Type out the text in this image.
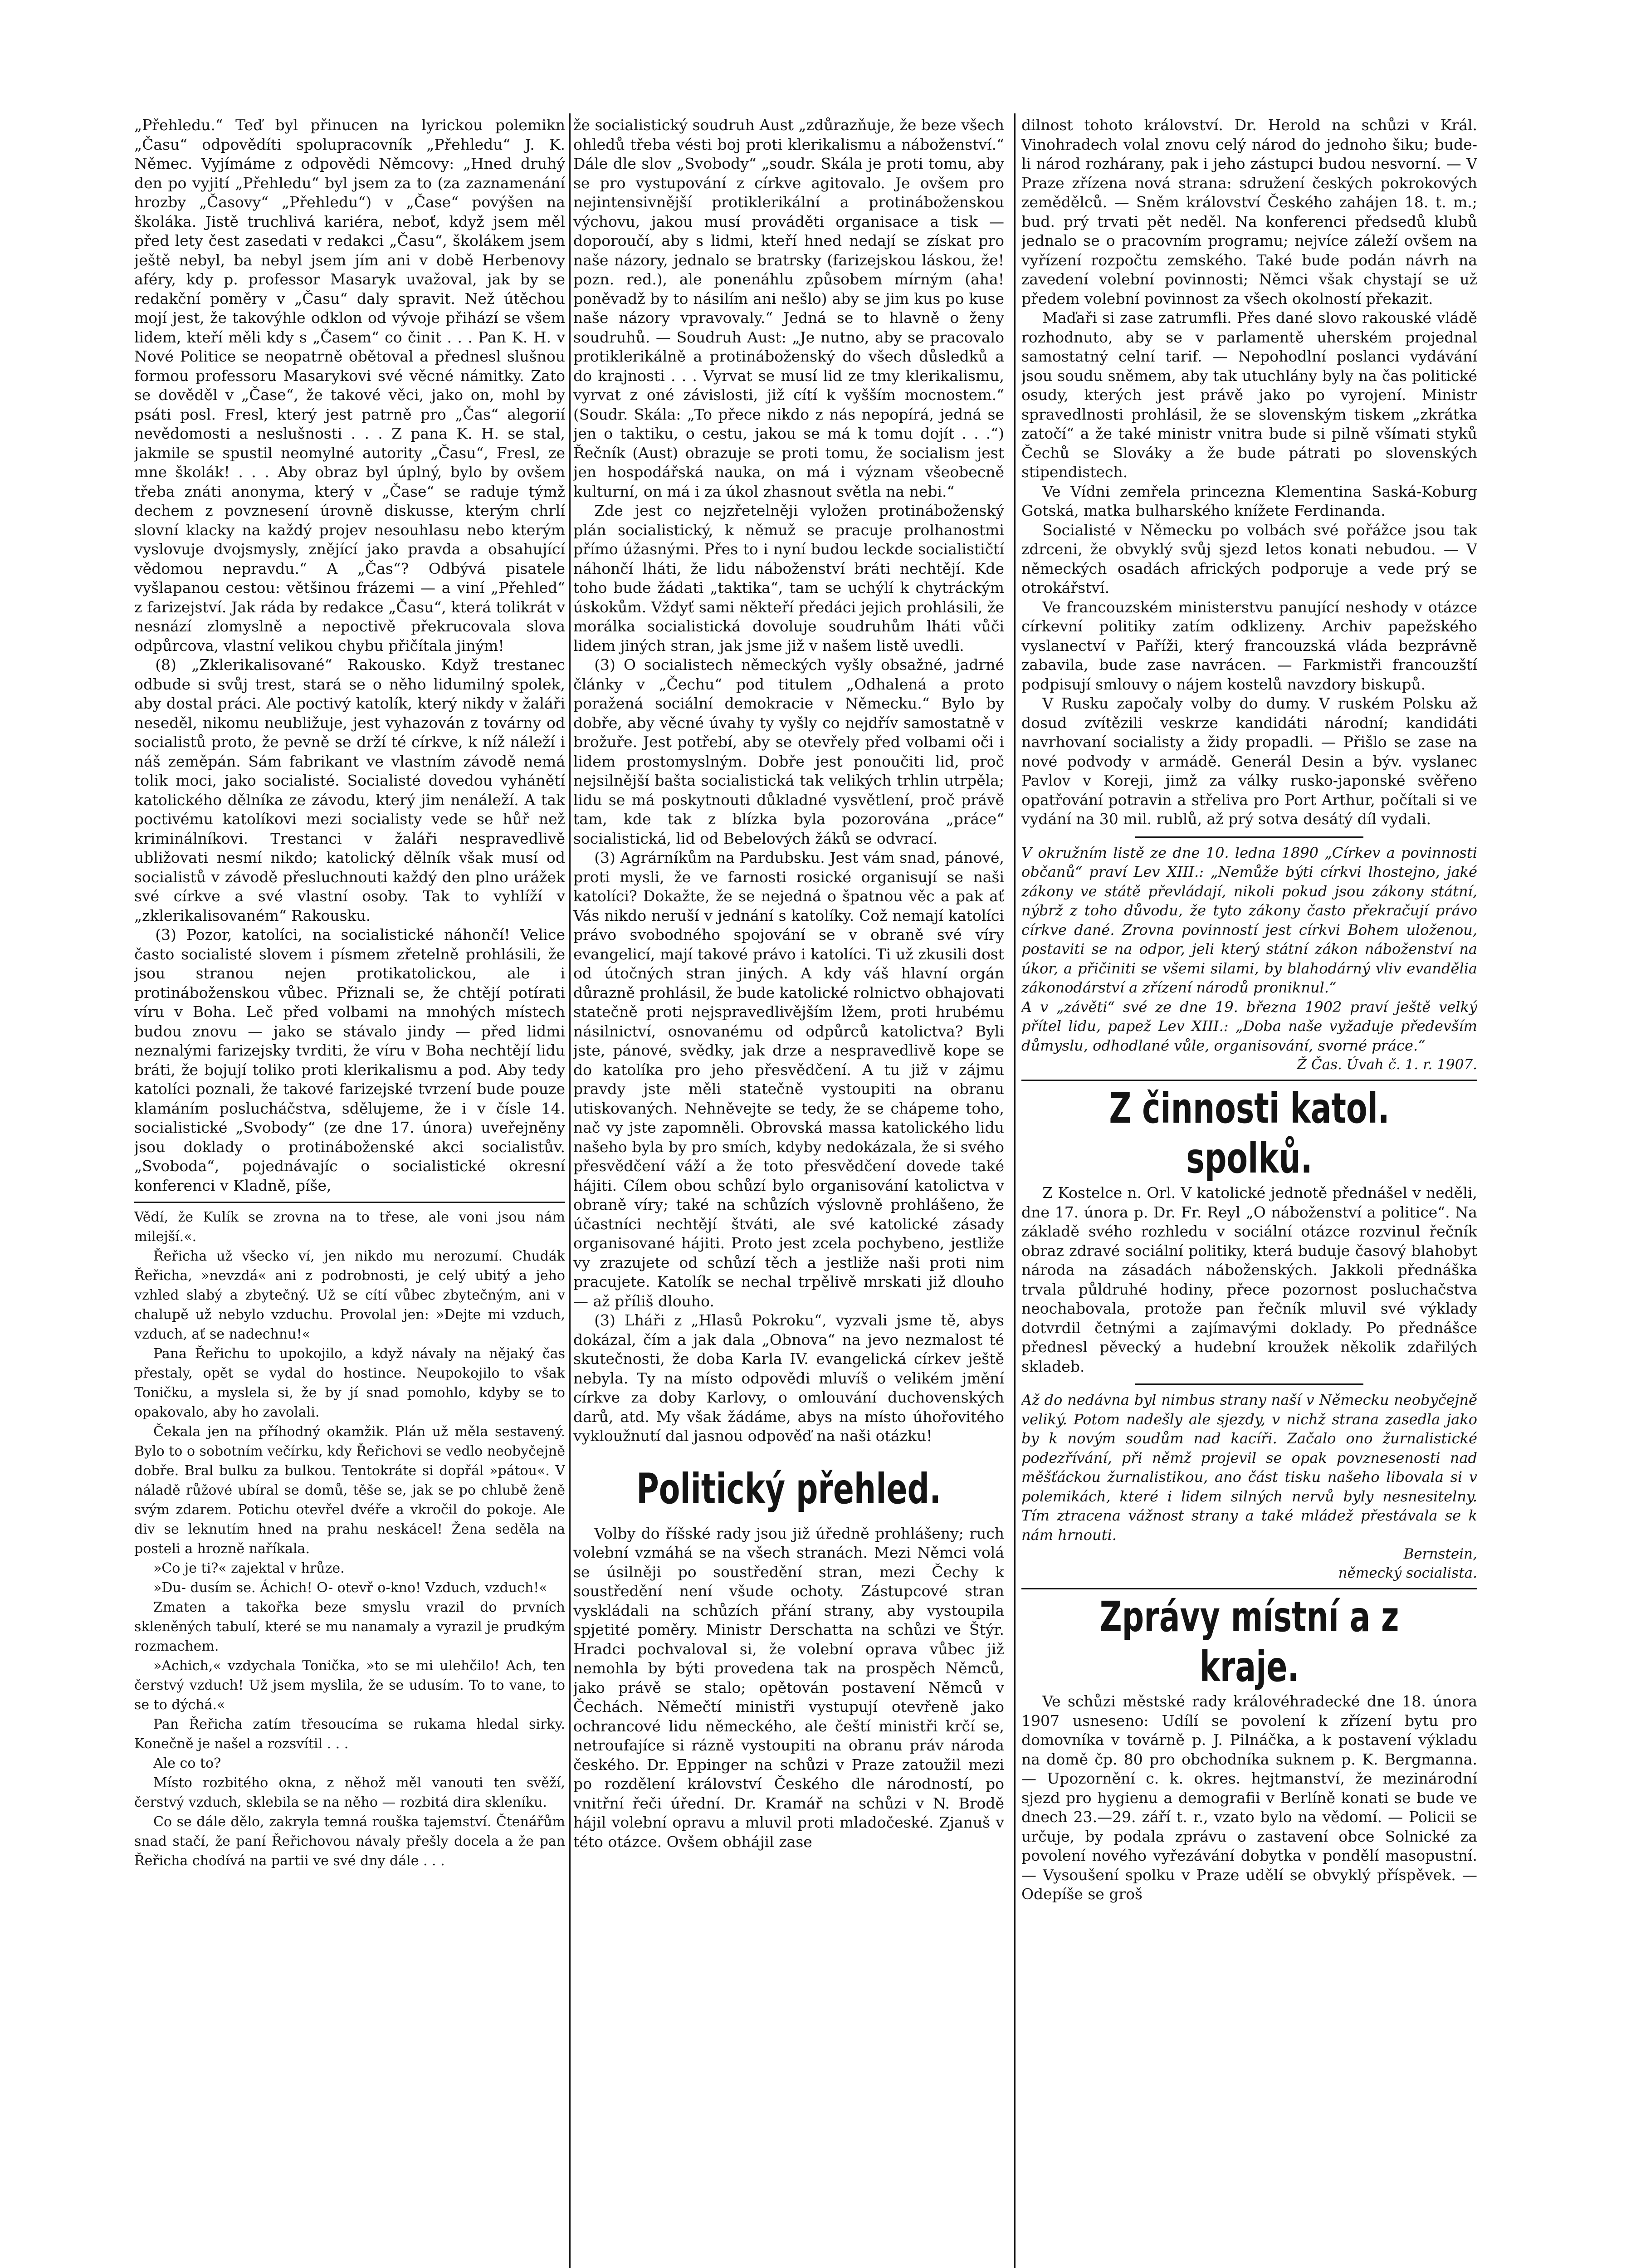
„Přehledu.“ Teď byl přinucen na lyrickou polemikn „Času“ odpovědíti spolupracovník „Přehledu“ J. K. Němec. Vyjímáme z odpovědi Němcovy: „Hned druhý den po vyjití „Přehledu“ byl jsem za to (za zaznamenání hrozby „Časovy“ „Přehledu“) v „Čase“ povýšen na školáka. Jistě truchlivá kariéra, neboť, když jsem měl před lety čest zasedati v redakci „Času“, školákem jsem ještě nebyl, ba nebyl jsem jím ani v době Herbenovy aféry, kdy p. professor Masaryk uvažoval, jak by se redakční poměry v „Času“ daly spravit. Než útěchou mojí jest, že takovýhle odklon od vývoje přihází se všem lidem, kteří měli kdy s „Časem“ co činit . . . Pan K. H. v Nové Politice se neopatrně obětoval a přednesl slušnou formou professoru Masarykovi své věcné námitky. Zato se dověděl v „Čase“, že takové věci, jako on, mohl by psáti posl. Fresl, který jest patrně pro „Čas“ alegorií nevědomosti a neslušnosti . . . Z pana K. H. se stal, jakmile se spustil neomylné autority „Času“, Fresl, ze mne školák! . . . Aby obraz byl úplný, bylo by ovšem třeba znáti anonyma, který v „Čase“ se raduje týmž dechem z povznesení úrovně diskusse, kterým chrlí slovní klacky na každý projev nesouhlasu nebo kterým vyslovuje dvojsmysly, znějící jako pravda a obsahující vědomou nepravdu.“ A „Čas“? Odbývá pisatele vyšlapanou cestou: většinou frázemi — a viní „Přehled“ z farizejství. Jak ráda by redakce „Času“, která tolikrát v nesnází zlomyslně a nepoctivě překrucovala slova odpůrcova, vlastní velikou chybu přičítala jiným!

(8) „Zklerikalisované“ Rakousko. Když trestanec odbude si svůj trest, stará se o něho lidumilný spolek, aby dostal práci. Ale poctivý katolík, který nikdy v žaláři neseděl, nikomu neubližuje, jest vyhazován z továrny od socialistů proto, že pevně se drží té církve, k níž náleží i náš zeměpán. Sám fabrikant ve vlastním závodě nemá tolik moci, jako socialisté. Socialisté dovedou vyhánětí katolického dělníka ze závodu, který jim nenáleží. A tak poctivému katolíkovi mezi socialisty vede se hůř než kriminálníkovi. Trestanci v žaláři nespravedlivě ubližovati nesmí nikdo; katolický dělník však musí od socialistů v závodě přesluchnouti každý den plno urážek své církve a své vlastní osoby. Tak to vyhlíží v „zklerikalisovaném“ Rakousku.

(3) Pozor, katolíci, na socialistické náhončí! Velice často socialisté slovem i písmem zřetelně prohlásili, že jsou stranou nejen protikatolickou, ale i protináboženskou vůbec. Přiznali se, že chtějí potírati víru v Boha. Leč před volbami na mnohých místech budou znovu — jako se stávalo jindy — před lidmi neznalými farizejsky tvrditi, že víru v Boha nechtějí lidu bráti, že bojují toliko proti klerikalismu a pod. Aby tedy katolíci poznali, že takové farizejské tvrzení bude pouze klamáním poslucháčstva, sdělujeme, že i v čísle 14. socialistické „Svobody“ (ze dne 17. února) uveřejněny jsou doklady o protináboženské akci socialistův. „Svoboda“, pojednávajíc o socialistické okresní konferenci v Kladně, píše,

Vědí, že Kulík se zrovna na to třese, ale voni jsou nám milejší.«.

Řeřicha už všecko ví, jen nikdo mu nerozumí. Chudák Řeřicha, »nevzdá« ani z podrobnosti, je celý ubitý a jeho vzhled slabý a zbytečný. Už se cítí vůbec zbytečným, ani v chalupě už nebylo vzduchu. Provolal jen: »Dejte mi vzduch, vzduch, ať se nadechnu!«

Pana Řeřichu to upokojilo, a když návaly na nějaký čas přestaly, opět se vydal do hostince. Neupokojilo to však Toničku, a myslela si, že by jí snad pomohlo, kdyby se to opakovalo, aby ho zavolali.

Čekala jen na příhodný okamžik. Plán už měla sestavený. Bylo to o sobotním večírku, kdy Řeřichovi se vedlo neobyčejně dobře. Bral bulku za bulkou. Tentokráte si dopřál »pátou«. V náladě růžové ubíral se domů, těše se, jak se po chlubě ženě svým zdarem. Potichu otevřel dvéře a vkročil do pokoje. Ale div se leknutím hned na prahu neskácel! Žena seděla na posteli a hrozně naříkala.

»Co je ti?« zajektal v hrůze.

»Du- dusím se. Áchich! O- otevř o-kno! Vzduch, vzduch!«

Zmaten a takořka beze smyslu vrazil do prvních skleněných tabulí, které se mu nanamaly a vyrazil je prudkým rozmachem.

»Achich,« vzdychala Tonička, »to se mi ulehčilo! Ach, ten čerstvý vzduch! Už jsem myslila, že se udusím. To to vane, to se to dýchá.«

Pan Řeřicha zatím třesoucíma se rukama hledal sirky. Konečně je našel a rozsvítil . . .

Ale co to?

Místo rozbitého okna, z něhož měl vanouti ten svěží, čerstvý vzduch, sklebila se na něho — rozbitá dira skleníku.

Co se dále dělo, zakryla temná rouška tajemství. Čtenářům snad stačí, že paní Řeřichovou návaly přešly docela a že pan Řeřicha chodívá na partii ve své dny dále . . .

že socialistický soudruh Aust „zdůrazňuje, že beze všech ohledů třeba vésti boj proti klerikalismu a náboženství.“ Dále dle slov „Svobody“ „soudr. Skála je proti tomu, aby se pro vystupování z církve agitovalo. Je ovšem pro nejintensivnější protiklerikální a protináboženskou výchovu, jakou musí prováděti organisace a tisk — doporoučí, aby s lidmi, kteří hned nedají se získat pro naše názory, jednalo se bratrsky (farizejskou láskou, že! pozn. red.), ale ponenáhlu způsobem mírným (aha! poněvadž by to násilím ani nešlo) aby se jim kus po kuse naše názory vpravovaly.“ Jedná se to hlavně o ženy soudruhů. — Soudruh Aust: „Je nutno, aby se pracovalo protiklerikálně a protináboženský do všech důsledků a do krajnosti . . . Vyrvat se musí lid ze tmy klerikalismu, vyrvat z oné závislosti, již cítí k vyšším mocnostem.“ (Soudr. Skála: „To přece nikdo z nás nepopírá, jedná se jen o taktiku, o cestu, jakou se má k tomu dojít . . .“) Řečník (Aust) obrazuje se proti tomu, že socialism jest jen hospodářská nauka, on má i význam všeobecně kulturní, on má i za úkol zhasnout světla na nebi.“

Zde jest co nejzřetelněji vyložen protináboženský plán socialistický, k němuž se pracuje prolhanostmi přímo úžasnými. Přes to i nyní budou leckde socialističtí náhončí lháti, že lidu náboženství bráti nechtějí. Kde toho bude žádati „taktika“, tam se uchýlí k chytráckým úskokům. Vždyť sami někteří předáci jejich prohlásili, že morálka socialistická dovoluje soudruhům lháti vůči lidem jiných stran, jak jsme již v našem listě uvedli.

(3) O socialistech německých vyšly obsažné, jadrné články v „Čechu“ pod titulem „Odhalená a proto poražená sociální demokracie v Německu.“ Bylo by dobře, aby věcné úvahy ty vyšly co nejdřív samostatně v brožuře. Jest potřebí, aby se otevřely před volbami oči i lidem prostomyslným. Dobře jest ponoučiti lid, proč nejsilnější bašta socialistická tak velikých trhlin utrpěla; lidu se má poskytnouti důkladné vysvětlení, proč právě tam, kde tak z blízka byla pozorována „práce“ socialistická, lid od Bebelových žáků se odvrací.

(3) Agrárníkům na Pardubsku. Jest vám snad, pánové, proti mysli, že ve farnosti rosické organisují se naši katolíci? Dokažte, že se nejedná o špatnou věc a pak ať Vás nikdo neruší v jednání s katolíky. Což nemají katolíci právo svobodného spojování se v obraně své víry evangelicí, mají takové právo i katolíci. Ti už zkusili dost od útočných stran jiných. A kdy váš hlavní orgán důrazně prohlásil, že bude katolické rolnictvo obhajovati statečně proti nejspravedlivějším lžem, proti hrubému násilnictví, osnovanému od odpůrců katolictva? Byli jste, pánové, svědky, jak drze a nespravedlivě kope se do katolíka pro jeho přesvědčení. A tu již v zájmu pravdy jste měli statečně vystoupiti na obranu utiskovaných. Nehněvejte se tedy, že se chápeme toho, nač vy jste zapomněli. Obrovská massa katolického lidu našeho byla by pro smích, kdyby nedokázala, že si svého přesvědčení váží a že toto přesvědčení dovede také hájiti. Cílem obou schůzí bylo organisování katolictva v obraně víry; také na schůzích výslovně prohlášeno, že účastníci nechtějí štváti, ale své katolické zásady organisované hájiti. Proto jest zcela pochybeno, jestliže vy zrazujete od schůzí těch a jestliže naši proti nim pracujete. Katolík se nechal trpělivě mrskati již dlouho — až příliš dlouho.

(3) Lháři z „Hlasů Pokroku“, vyzvali jsme tě, abys dokázal, čím a jak dala „Obnova“ na jevo nezmalost té skutečnosti, že doba Karla IV. evangelická církev ještě nebyla. Ty na místo odpovědi mluvíš o velikém jmění církve za doby Karlovy, o omlouvání duchovenských darů, atd. My však žádáme, abys na místo úhořovitého vykloužnutí dal jasnou odpověď na naši otázku!

Politický přehled.

Volby do říšské rady jsou již úředně prohlášeny; ruch volební vzmáhá se na všech stranách. Mezi Němci volá se úsilněji po soustředění stran, mezi Čechy k soustředění není všude ochoty. Zástupcové stran vyskládali na schůzích přání strany, aby vystoupila spjetité poměry. Ministr Derschatta na schůzi ve Štýr. Hradci pochvaloval si, že volební oprava vůbec již nemohla by býti provedena tak na prospěch Němců, jako právě se stalo; opětován postavení Němců v Čechách. Němečtí ministři vystupují otevřeně jako ochrancové lidu německého, ale čeští ministři krčí se, netroufajíce si rázně vystoupiti na obranu práv národa českého. Dr. Eppinger na schůzi v Praze zatoužil mezi po rozdělení království Českého dle národností, po vnitřní řeči úřední. Dr. Kramář na schůzi v N. Brodě hájil volební opravu a mluvil proti mladočeské. Zjanuš v této otázce. Ovšem obhájil zase

dilnost tohoto království. Dr. Herold na schůzi v Král. Vinohradech volal znovu celý národ do jednoho šiku; bude-li národ rozhárany, pak i jeho zástupci budou nesvorní. — V Praze zřízena nová strana: sdružení českých pokrokových zemědělců. — Sněm království Českého zahájen 18. t. m.; bud. prý trvati pět neděl. Na konferenci předsedů klubů jednalo se o pracovním programu; nejvíce záleží ovšem na vyřízení rozpočtu zemského. Také bude podán návrh na zavedení volební povinnosti; Němci však chystají se už předem volební povinnost za všech okolností překazit.

Maďaři si zase zatrumfli. Přes dané slovo rakouské vládě rozhodnuto, aby se v parlamentě uherském projednal samostatný celní tarif. — Nepohodlní poslanci vydávání jsou soudu sněmem, aby tak utuchlány byly na čas politické osudy, kterých jest právě jako po vyrojení. Ministr spravedlnosti prohlásil, že se slovenským tiskem „zkrátka zatočí“ a že také ministr vnitra bude si pilně všímati styků Čechů se Slováky a že bude pátrati po slovenských stipendistech.

Ve Vídni zemřela princezna Klementina Saská-Koburg Gotská, matka bulharského knížete Ferdinanda.

Socialisté v Německu po volbách své pořážce jsou tak zdrceni, že obvyklý svůj sjezd letos konati nebudou. — V německých osadách afrických podporuje a vede prý se otrokářství.

Ve francouzském ministerstvu panující neshody v otázce církevní politiky zatím odklizeny. Archiv papežského vyslanectví v Paříži, který francouzská vláda bezprávně zabavila, bude zase navrácen. — Farkmistři francouzští podpisují smlouvy o nájem kostelů navzdory biskupů.

V Rusku započaly volby do dumy. V ruském Polsku až dosud zvítězili veskrze kandidáti národní; kandidáti navrhovaní socialisty a židy propadli. — Přišlo se zase na nové podvody v armádě. Generál Desin a býv. vyslanec Pavlov v Koreji, jimž za války rusko-japonské svěřeno opatřování potravin a střeliva pro Port Arthur, počítali si ve vydání na 30 mil. rublů, až prý sotva desátý díl vydali.

V okružním listě ze dne 10. ledna 1890 „Církev a povinnosti občanů“ praví Lev XIII.: „Nemůže býti církvi lhostejno, jaké zákony ve státě převládají, nikoli pokud jsou zákony státní, nýbrž z toho důvodu, že tyto zákony často překračují právo církve dané. Zrovna povinností jest církvi Bohem uloženou, postaviti se na odpor, jeli který státní zákon náboženství na úkor, a přičiniti se všemi silami, by blahodárný vliv evandělia zákonodárství a zřízení národů proniknul.“

A v „závěti“ své ze dne 19. března 1902 praví ještě velký přítel lidu, papež Lev XIII.: „Doba naše vyžaduje především důmyslu, odhodlané vůle, organisování, svorné práce.“

Ž Čas. Úvah č. 1. r. 1907.

Z činnosti katol. spolků.

Z Kostelce n. Orl. V katolické jednotě přednášel v neděli, dne 17. února p. Dr. Fr. Reyl „O náboženství a politice“. Na základě svého rozhledu v sociální otázce rozvinul řečník obraz zdravé sociální politiky, která buduje časový blahobyt národa na zásadách náboženských. Jakkoli přednáška trvala půldruhé hodiny, přece pozornost posluchačstva neochabovala, protože pan řečník mluvil své výklady dotvrdil četnými a zajímavými doklady. Po přednášce přednesl pěvecký a hudební kroužek několik zdařilých skladeb.

Až do nedávna byl nimbus strany naší v Německu neobyčejně veliký. Potom nadešly ale sjezdy, v nichž strana zasedla jako by k novým soudům nad kacíři. Začalo ono žurnalistické podezřívání, při němž projevil se opak povznesenosti nad měšťáckou žurnalistikou, ano část tisku našeho libovala si v polemikách, které i lidem silných nervů byly nesnesitelny. Tím ztracena vážnost strany a také mládež přestávala se k nám hrnouti.

Bernstein,

německý socialista.

Zprávy místní a z kraje.

Ve schůzi městské rady královéhradecké dne 18. února 1907 usneseno: Udílí se povolení k zřízení bytu pro domovníka v továrně p. J. Pilnáčka, a k postavení výkladu na domě čp. 80 pro obchodníka suknem p. K. Bergmanna. — Upozornění c. k. okres. hejtmanství, že mezinárodní sjezd pro hygienu a demografii v Berlíně konati se bude ve dnech 23.—29. září t. r., vzato bylo na vědomí. — Policii se určuje, by podala zprávu o zastavení obce Solnické za povolení nového vyřezávání dobytka v pondělí masopustní. — Vysoušení spolku v Praze udělí se obvyklý příspěvek. — Odepíše se groš
